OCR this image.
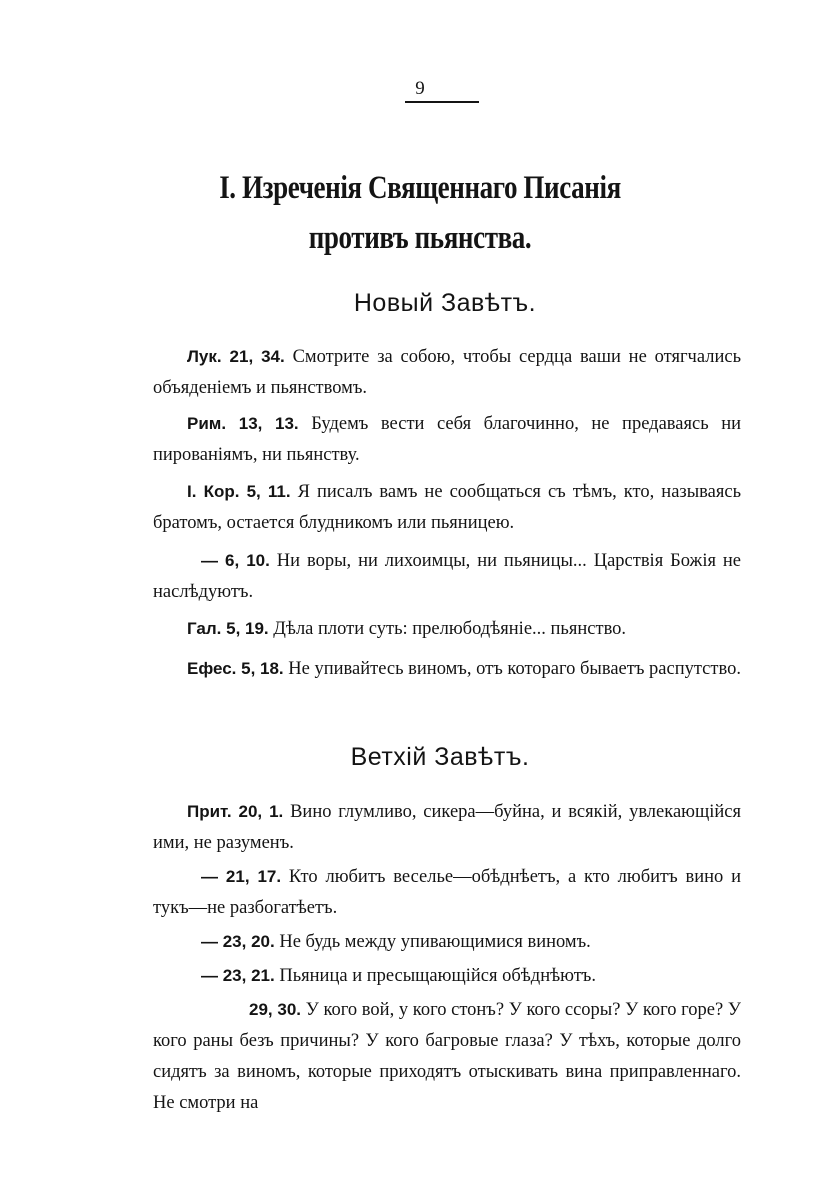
9
I. Изреченія Священнаго Писанія
противъ пьянства.
Новый Завѣтъ.

Лук. 21, 34. Смотрите за собою, чтобы сердца ваши не отягчались объяденіемъ и пьянствомъ.

Рим. 13, 13. Будемъ вести себя благочинно, не предаваясь ни пированіямъ, ни пьянству.

I. Кор. 5, 11. Я писалъ вамъ не сообщаться съ тѣмъ, кто, называясь братомъ, остается блудникомъ или пьяницею.

— 6, 10. Ни воры, ни лихоимцы, ни пьяницы... Царствія Божія не наслѣдуютъ.

Гал. 5, 19. Дѣла плоти суть: прелюбодѣяніе... пьянство.

Ефес. 5, 18. Не упивайтесь виномъ, отъ котораго бываетъ распутство.

Ветхій Завѣтъ.

Прит. 20, 1. Вино глумливо, сикера—буйна, и всякій, увлекающійся ими, не разуменъ.

— 21, 17. Кто любитъ веселье—обѣднѣетъ, а кто любитъ вино и тукъ—не разбогатѣетъ.

— 23, 20. Не будь между упивающимися виномъ.

— 23, 21. Пьяница и пресыщающійся обѣднѣютъ.

29, 30. У кого вой, у кого стонъ? У кого ссоры? У кого горе? У кого раны безъ причины? У кого багровые глаза? У тѣхъ, которые долго сидятъ за виномъ, которые приходятъ отыскивать вина приправленнаго. Не смотри на
